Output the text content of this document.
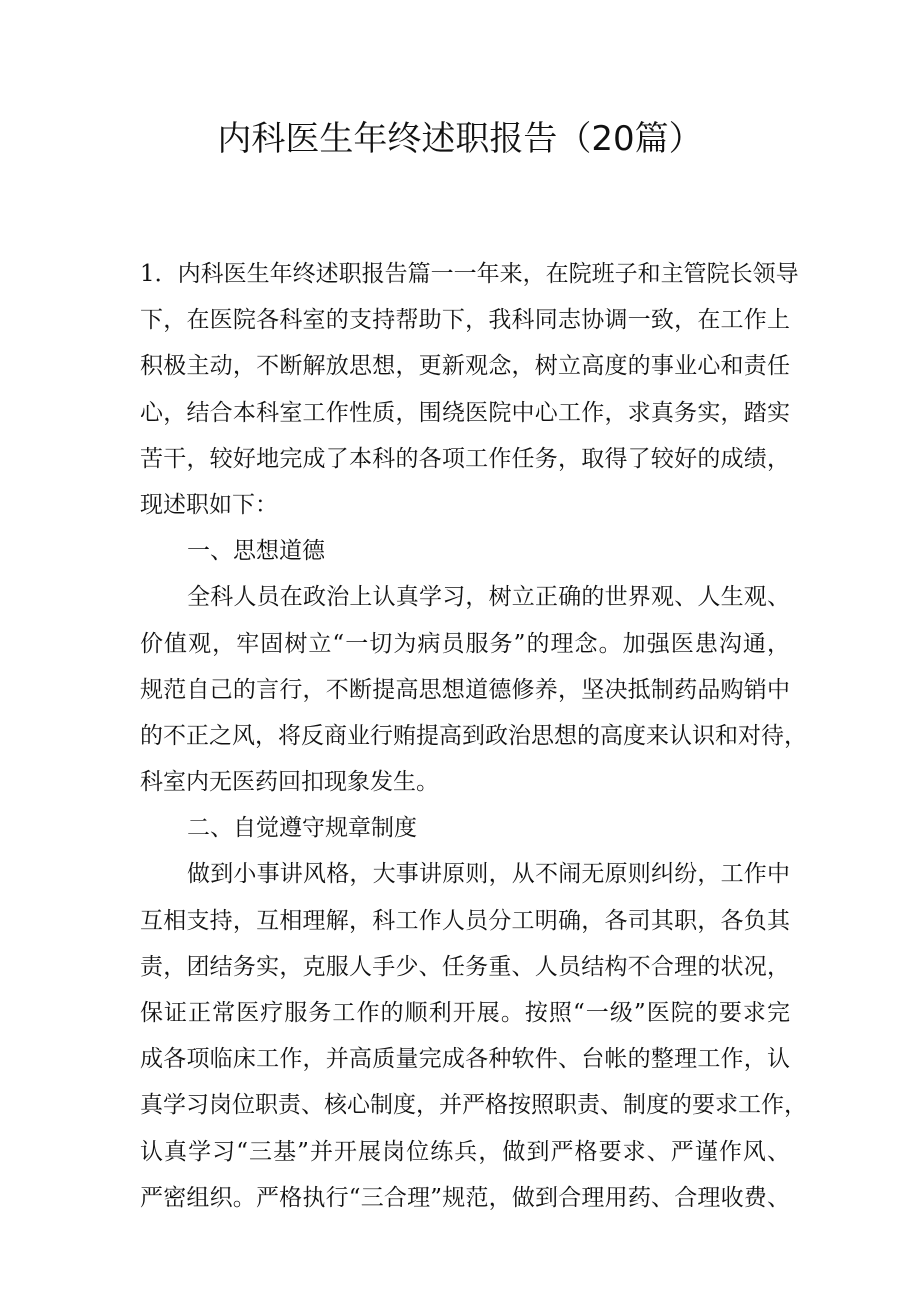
内科医生年终述职报告（20篇）
1．内科医生年终述职报告篇一一年来，在院班子和主管院长领导
下，在医院各科室的支持帮助下，我科同志协调一致，在工作上
积极主动，不断解放思想，更新观念，树立高度的事业心和责任
心，结合本科室工作性质，围绕医院中心工作，求真务实，踏实
苦干，较好地完成了本科的各项工作任务，取得了较好的成绩，
现述职如下：
一、思想道德
全科人员在政治上认真学习，树立正确的世界观、人生观、
价值观，牢固树立“一切为病员服务”的理念。加强医患沟通，
规范自己的言行，不断提高思想道德修养，坚决抵制药品购销中
的不正之风，将反商业行贿提高到政治思想的高度来认识和对待，
科室内无医药回扣现象发生。
二、自觉遵守规章制度
做到小事讲风格，大事讲原则，从不闹无原则纠纷，工作中
互相支持，互相理解，科工作人员分工明确，各司其职，各负其
责，团结务实，克服人手少、任务重、人员结构不合理的状况，
保证正常医疗服务工作的顺利开展。按照“一级”医院的要求完
成各项临床工作，并高质量完成各种软件、台帐的整理工作，认
真学习岗位职责、核心制度，并严格按照职责、制度的要求工作，
认真学习“三基”并开展岗位练兵，做到严格要求、严谨作风、
严密组织。严格执行“三合理”规范，做到合理用药、合理收费、
